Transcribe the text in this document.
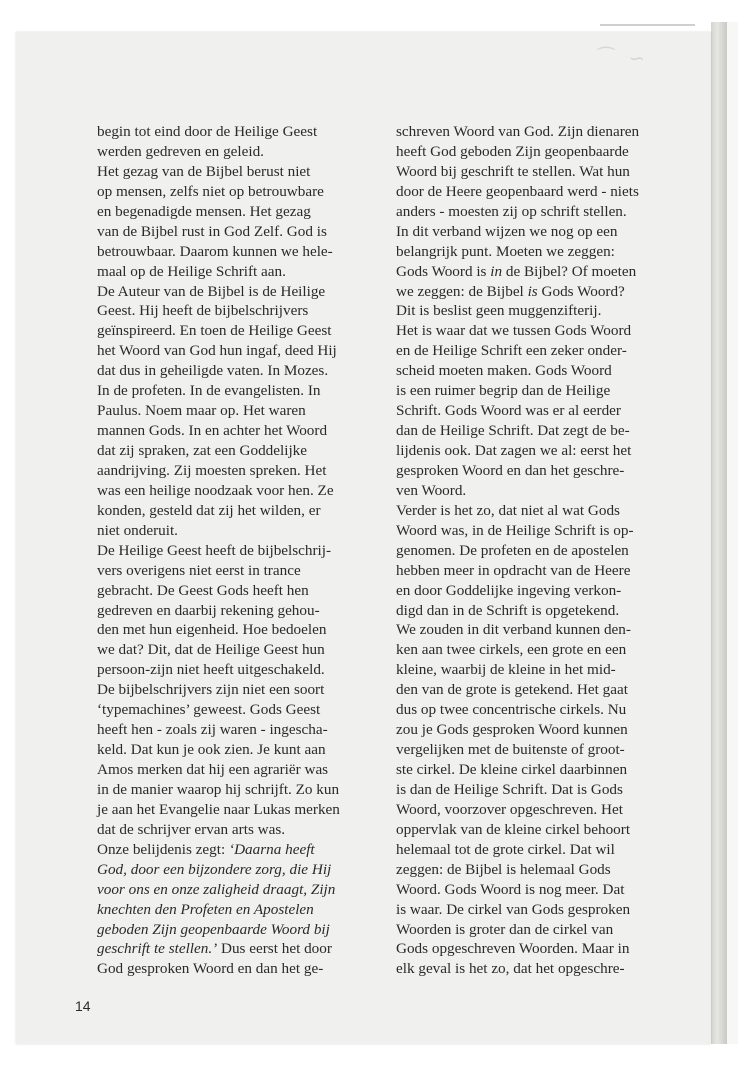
⁀ ∽
begin tot eind door de Heilige Geest
werden gedreven en geleid.
Het gezag van de Bijbel berust niet
op mensen, zelfs niet op betrouwbare
en begenadigde mensen. Het gezag
van de Bijbel rust in God Zelf. God is
betrouwbaar. Daarom kunnen we hele-
maal op de Heilige Schrift aan.
De Auteur van de Bijbel is de Heilige
Geest. Hij heeft de bijbelschrijvers
geïnspireerd. En toen de Heilige Geest
het Woord van God hun ingaf, deed Hij
dat dus in geheiligde vaten. In Mozes.
In de profeten. In de evangelisten. In
Paulus. Noem maar op. Het waren
mannen Gods. In en achter het Woord
dat zij spraken, zat een Goddelijke
aandrijving. Zij moesten spreken. Het
was een heilige noodzaak voor hen. Ze
konden, gesteld dat zij het wilden, er
niet onderuit.
De Heilige Geest heeft de bijbelschrij-
vers overigens niet eerst in trance
gebracht. De Geest Gods heeft hen
gedreven en daarbij rekening gehou-
den met hun eigenheid. Hoe bedoelen
we dat? Dit, dat de Heilige Geest hun
persoon-zijn niet heeft uitgeschakeld.
De bijbelschrijvers zijn niet een soort
‘typemachines’ geweest. Gods Geest
heeft hen - zoals zij waren - ingescha-
keld. Dat kun je ook zien. Je kunt aan
Amos merken dat hij een agrariër was
in de manier waarop hij schrijft. Zo kun
je aan het Evangelie naar Lukas merken
dat de schrijver ervan arts was.
Onze belijdenis zegt: ‘Daarna heeft
God, door een bijzondere zorg, die Hij
voor ons en onze zaligheid draagt, Zijn
knechten den Profeten en Apostelen
geboden Zijn geopenbaarde Woord bij
geschrift te stellen.’ Dus eerst het door
God gesproken Woord en dan het ge-
schreven Woord van God. Zijn dienaren
heeft God geboden Zijn geopenbaarde
Woord bij geschrift te stellen. Wat hun
door de Heere geopenbaard werd - niets
anders - moesten zij op schrift stellen.
In dit verband wijzen we nog op een
belangrijk punt. Moeten we zeggen:
Gods Woord is in de Bijbel? Of moeten
we zeggen: de Bijbel is Gods Woord?
Dit is beslist geen muggenzifterij.
Het is waar dat we tussen Gods Woord
en de Heilige Schrift een zeker onder-
scheid moeten maken. Gods Woord
is een ruimer begrip dan de Heilige
Schrift. Gods Woord was er al eerder
dan de Heilige Schrift. Dat zegt de be-
lijdenis ook. Dat zagen we al: eerst het
gesproken Woord en dan het geschre-
ven Woord.
Verder is het zo, dat niet al wat Gods
Woord was, in de Heilige Schrift is op-
genomen. De profeten en de apostelen
hebben meer in opdracht van de Heere
en door Goddelijke ingeving verkon-
digd dan in de Schrift is opgetekend.
We zouden in dit verband kunnen den-
ken aan twee cirkels, een grote en een
kleine, waarbij de kleine in het mid-
den van de grote is getekend. Het gaat
dus op twee concentrische cirkels. Nu
zou je Gods gesproken Woord kunnen
vergelijken met de buitenste of groot-
ste cirkel. De kleine cirkel daarbinnen
is dan de Heilige Schrift. Dat is Gods
Woord, voorzover opgeschreven. Het
oppervlak van de kleine cirkel behoort
helemaal tot de grote cirkel. Dat wil
zeggen: de Bijbel is helemaal Gods
Woord. Gods Woord is nog meer. Dat
is waar. De cirkel van Gods gesproken
Woorden is groter dan de cirkel van
Gods opgeschreven Woorden. Maar in
elk geval is het zo, dat het opgeschre-
14
